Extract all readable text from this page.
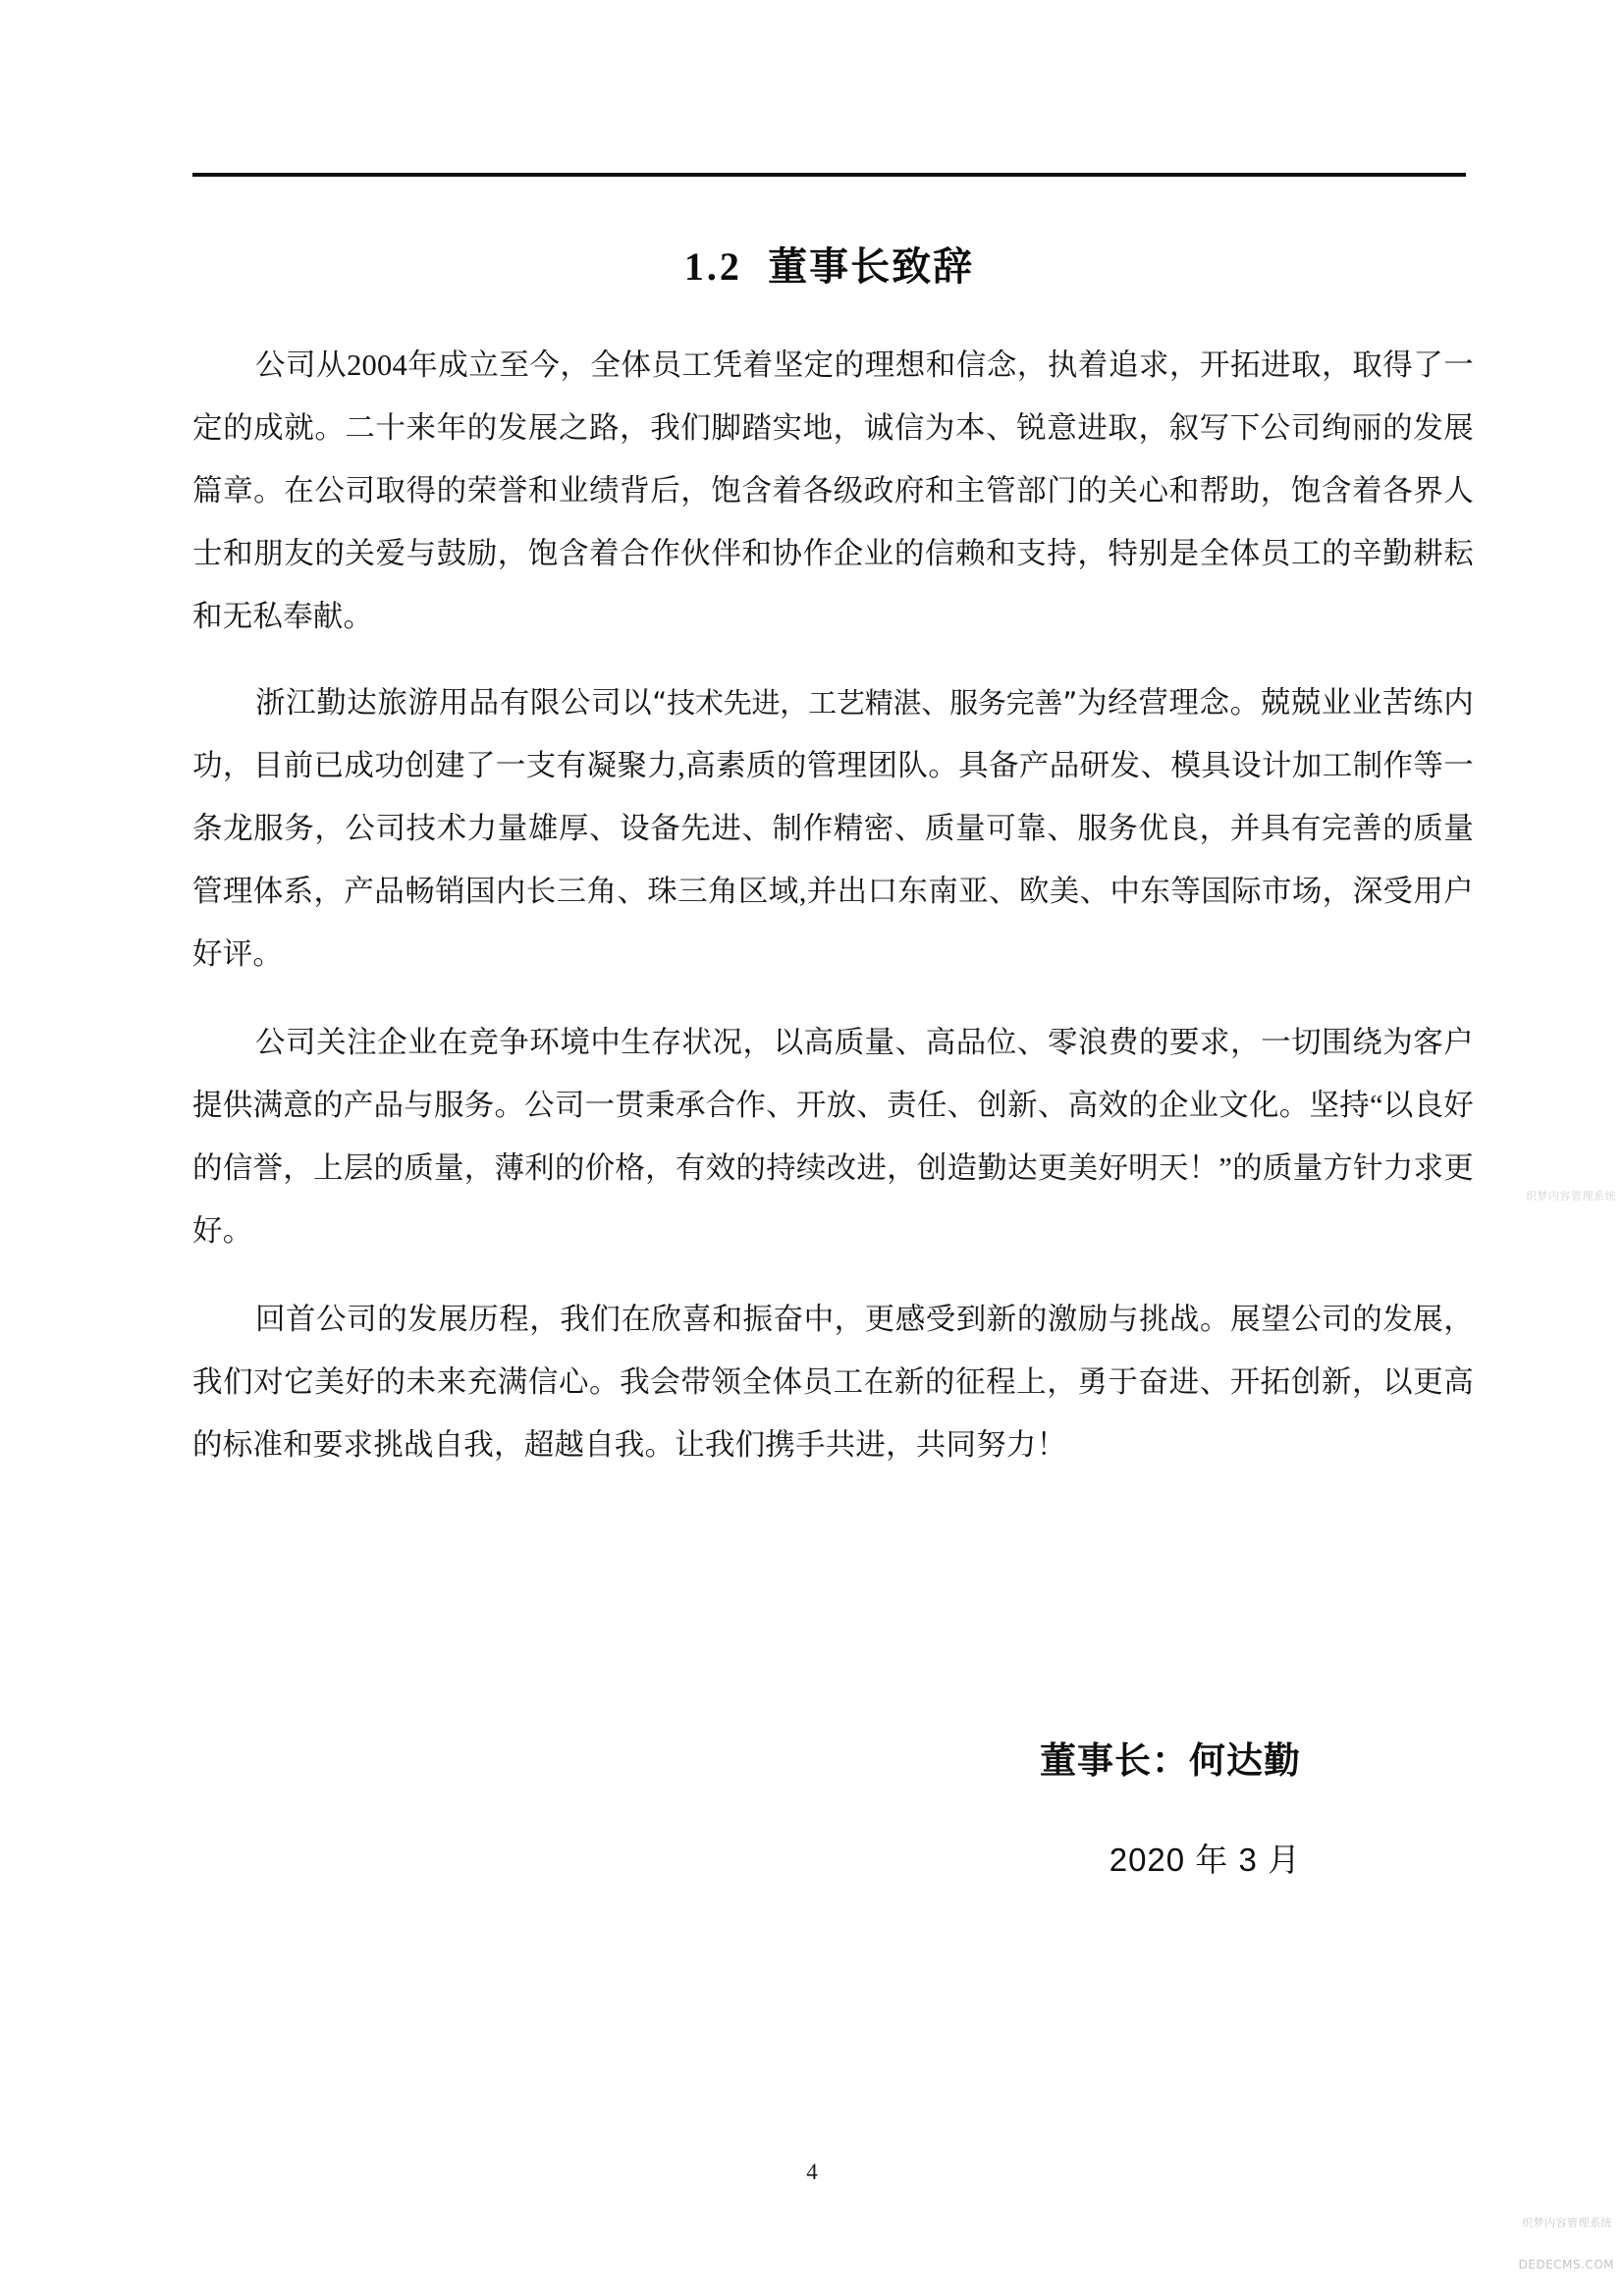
1.2 董事长致辞

公司从2004年成立至今，全体员工凭着坚定的理想和信念，执着追求，开拓进取，取得了一定的成就。二十来年的发展之路，我们脚踏实地，诚信为本、锐意进取，叙写下公司绚丽的发展篇章。在公司取得的荣誉和业绩背后，饱含着各级政府和主管部门的关心和帮助，饱含着各界人士和朋友的关爱与鼓励，饱含着合作伙伴和协作企业的信赖和支持，特别是全体员工的辛勤耕耘和无私奉献。

浙江勤达旅游用品有限公司以“技术先进，工艺精湛、服务完善”为经营理念。兢兢业业苦练内功，目前已成功创建了一支有凝聚力,高素质的管理团队。具备产品研发、模具设计加工制作等一条龙服务，公司技术力量雄厚、设备先进、制作精密、质量可靠、服务优良，并具有完善的质量管理体系，产品畅销国内长三角、珠三角区域,并出口东南亚、欧美、中东等国际市场，深受用户好评。

公司关注企业在竞争环境中生存状况，以高质量、高品位、零浪费的要求，一切围绕为客户提供满意的产品与服务。公司一贯秉承合作、开放、责任、创新、高效的企业文化。坚持“以良好的信誉，上层的质量，薄利的价格，有效的持续改进，创造勤达更美好明天！”的质量方针力求更好。

回首公司的发展历程，我们在欣喜和振奋中，更感受到新的激励与挑战。展望公司的发展，我们对它美好的未来充满信心。我会带领全体员工在新的征程上，勇于奋进、开拓创新，以更高的标准和要求挑战自我，超越自我。让我们携手共进，共同努力！

董事长：何达勤
2020 年 3 月
4
织梦内容管理系统
织梦内容管理系统
DEDECMS.COM
